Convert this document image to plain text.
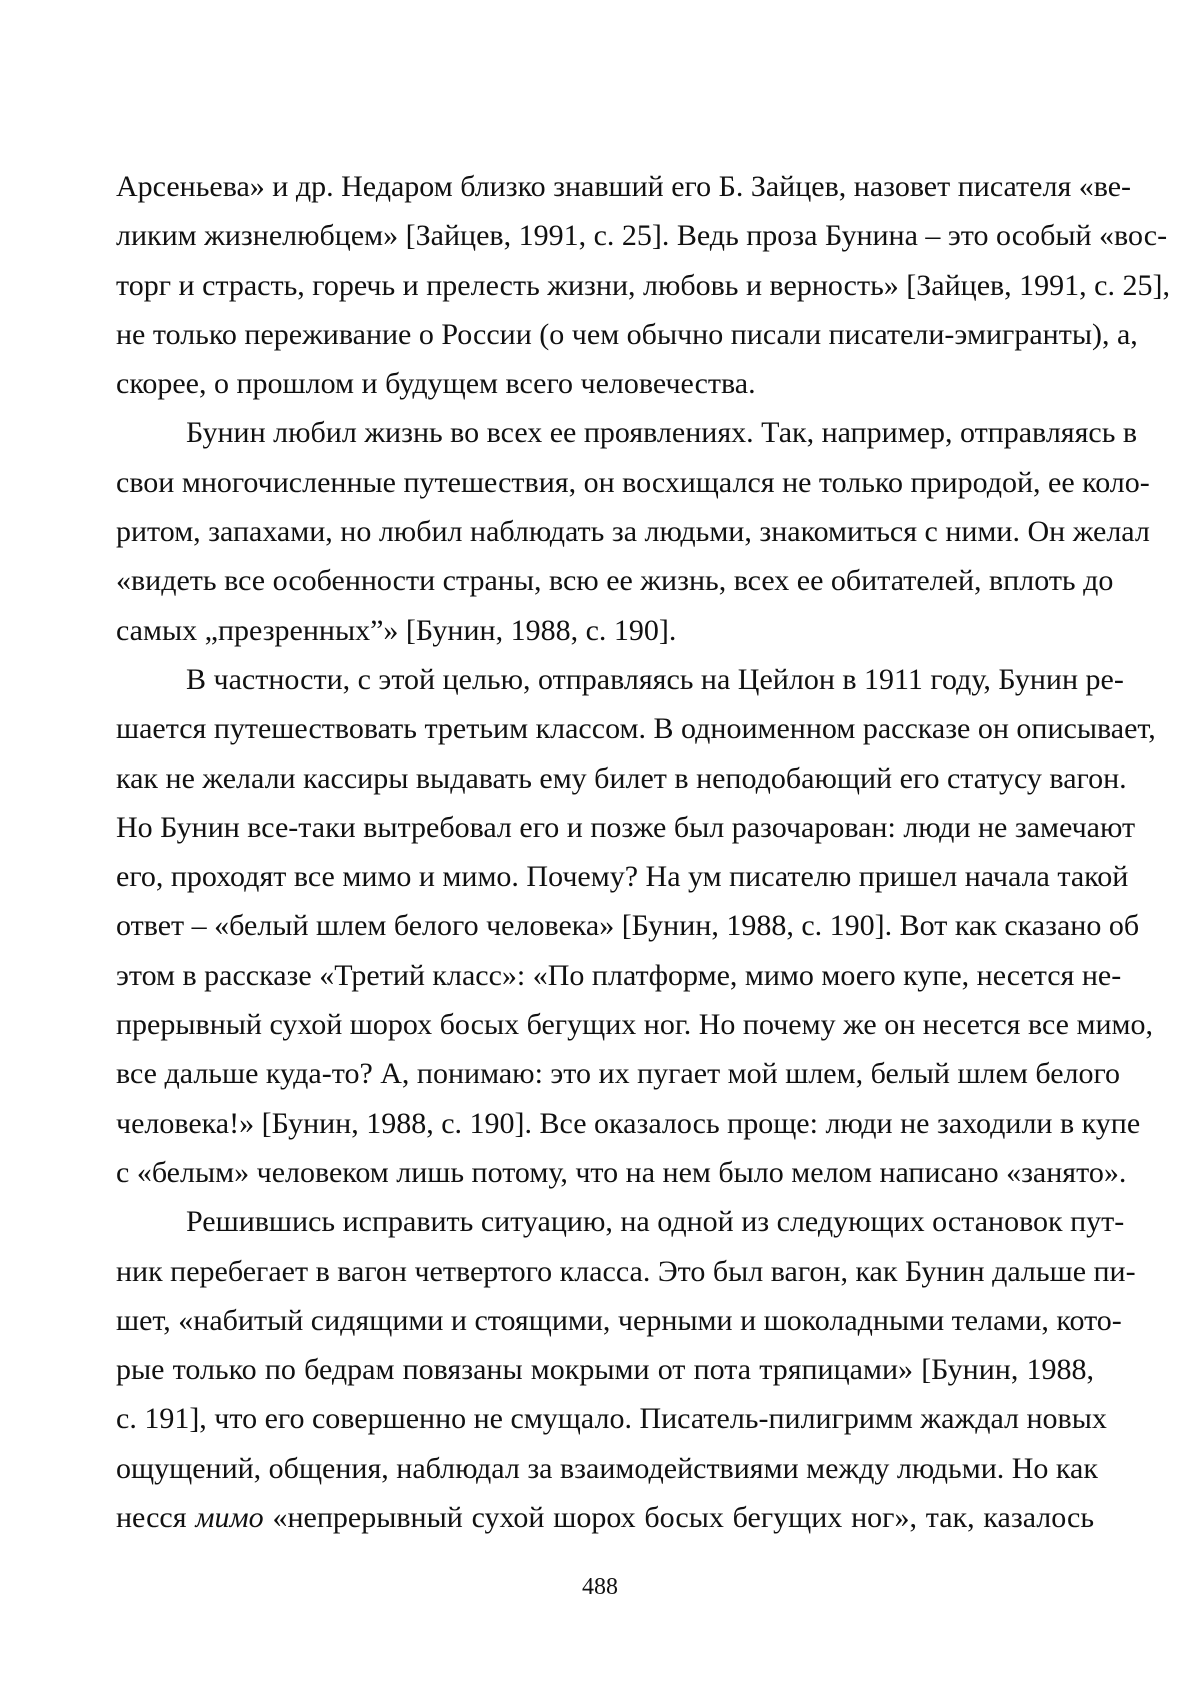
Арсеньева» и др. Недаром близко знавший его Б. Зайцев, назовет писателя «ве-
ликим жизнелюбцем» [Зайцев, 1991, с. 25]. Ведь проза Бунина – это особый «вос-
торг и страсть, горечь и прелесть жизни, любовь и верность» [Зайцев, 1991, с. 25],
не только переживание о России (о чем обычно писали писатели-эмигранты), а,
скорее, о прошлом и будущем всего человечества.
Бунин любил жизнь во всех ее проявлениях. Так, например, отправляясь в
свои многочисленные путешествия, он восхищался не только природой, ее коло-
ритом, запахами, но любил наблюдать за людьми, знакомиться с ними. Он желал
«видеть все особенности страны, всю ее жизнь, всех ее обитателей, вплоть до
самых „презренных”» [Бунин, 1988, с. 190].
В частности, с этой целью, отправляясь на Цейлон в 1911 году, Бунин ре-
шается путешествовать третьим классом. В одноименном рассказе он описывает,
как не желали кассиры выдавать ему билет в неподобающий его статусу вагон.
Но Бунин все-таки вытребовал его и позже был разочарован: люди не замечают
его, проходят все мимо и мимо. Почему? На ум писателю пришел начала такой
ответ – «белый шлем белого человека» [Бунин, 1988, с. 190]. Вот как сказано об
этом в рассказе «Третий класс»: «По платформе, мимо моего купе, несется не-
прерывный сухой шорох босых бегущих ног. Но почему же он несется все мимо,
все дальше куда-то? А, понимаю: это их пугает мой шлем, белый шлем белого
человека!» [Бунин, 1988, с. 190]. Все оказалось проще: люди не заходили в купе
с «белым» человеком лишь потому, что на нем было мелом написано «занято».
Решившись исправить ситуацию, на одной из следующих остановок пут-
ник перебегает в вагон четвертого класса. Это был вагон, как Бунин дальше пи-
шет, «набитый сидящими и стоящими, черными и шоколадными телами, кото-
рые только по бедрам повязаны мокрыми от пота тряпицами» [Бунин, 1988,
с. 191], что его совершенно не смущало. Писатель-пилигримм жаждал новых
ощущений, общения, наблюдал за взаимодействиями между людьми. Но как
несся мимо «непрерывный сухой шорох босых бегущих ног», так, казалось
488
